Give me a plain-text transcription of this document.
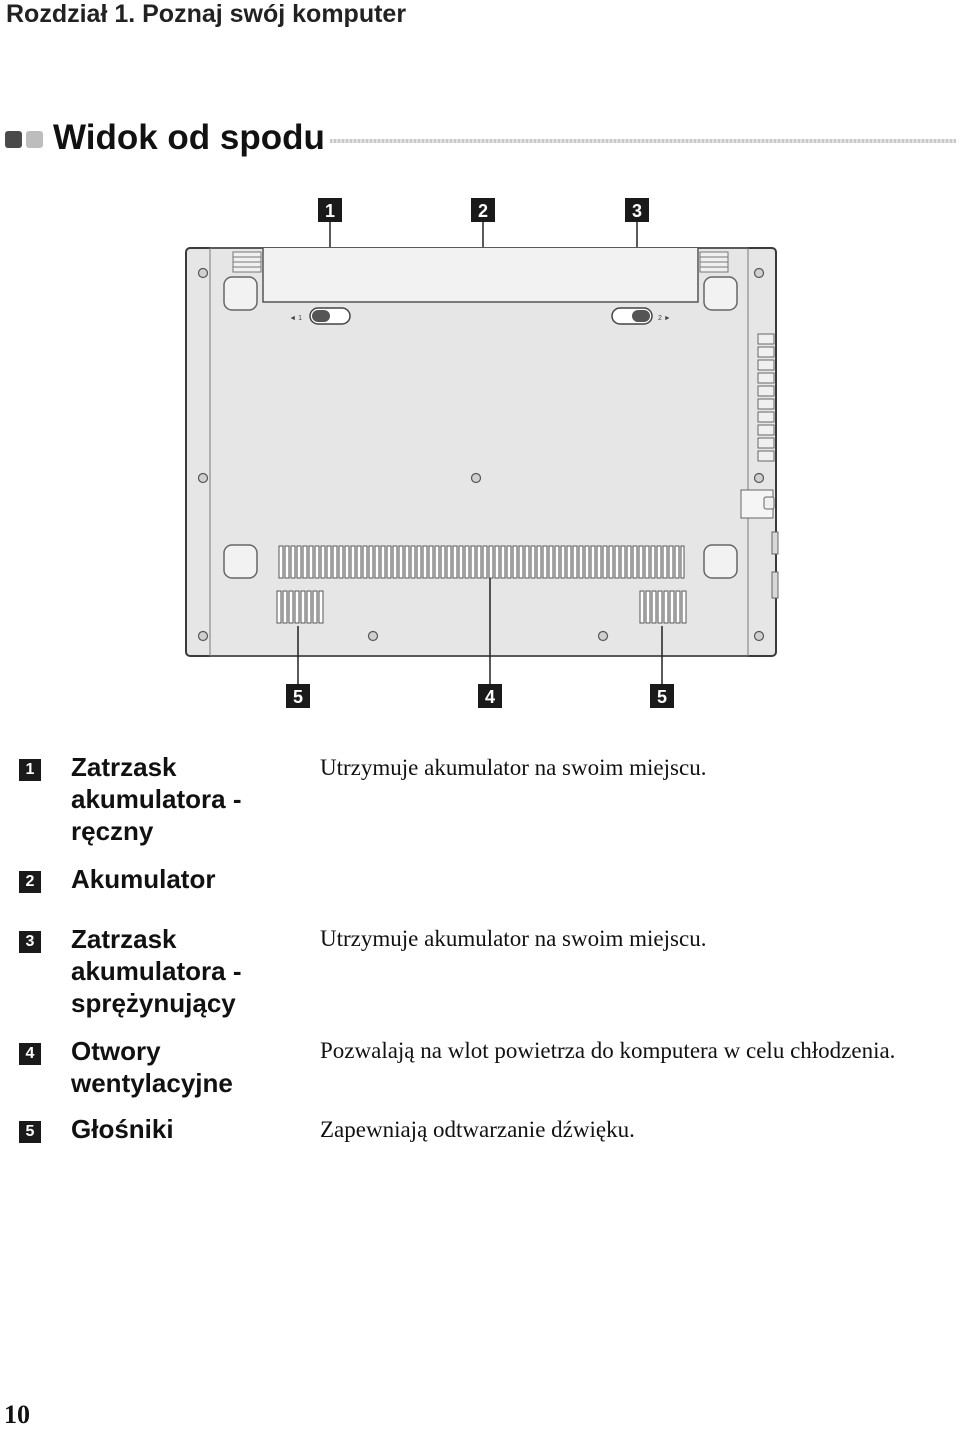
Rozdział 1. Poznaj swój komputer
Widok od spodu
1	2	3
◄ 1	2 ►
5	4	5
1 Zatrzask akumulatora - ręczny
Utrzymuje akumulator na swoim miejscu.
2 Akumulator
3 Zatrzask akumulatora - sprężynujący
Utrzymuje akumulator na swoim miejscu.
4 Otwory wentylacyjne
Pozwalają na wlot powietrza do komputera w celu chłodzenia.
5 Głośniki	Zapewniają odtwarzanie dźwięku.
10
